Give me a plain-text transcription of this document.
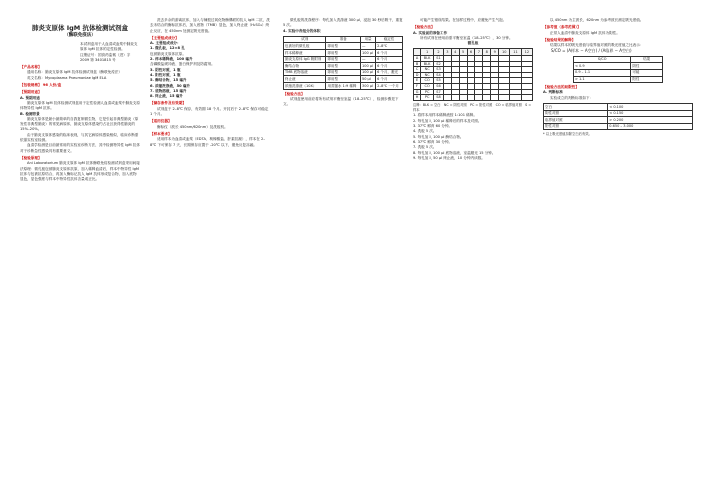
肺炎支原体 IgM 抗体检测试剂盒
（酶联免疫法）
本试剂盒用于人血清或血浆中肺炎支原体 IgM 抗体的定性检测。
注册证号：国食药监械（进）字 2009 第 3401815 号
【产品名称】

通用名称：肺炎支原体 IgM 抗体检测试剂盒（酶联免疫法）

英文名称：Mycoplasma Pneumoniae IgM ELA

【包装规格】 96 人份/盒
【预期用途】
A. 预期用途

肺炎支原体 IgM 抗体检测试剂盒用于定性检测人血清或血浆中肺炎支原体特异性 IgM 抗体。

B. 检测背景

肺炎支原体是最小最简单的自我复制微生物，它是引起非典型肺炎（原发性非典型肺炎）的常见病原体，肺炎支原体感染约占社区获得性肺炎的 15%–20%。

由于肺炎支原体感染的临床表现，与其它病原体感染相似，临床诊断需依靠实验室检测。

血清学检测是目前最常用的实验室诊断方法，其中检测特异性 IgM 抗体对于诊断急性感染具有重要意义。

【检验原理】

Ani Laboratorium 肺炎支原体 IgM 抗体酶联免疫检测试剂盒采用间接法原理：微孔板包被肺炎支原体抗原，加入稀释血清后，样本中特异性 IgM 抗体与包被抗原结合，再加入酶标记抗人 IgM 抗体形成复合物，加入底物显色，显色强度与样本中特异性抗体含量成正比。

洗去多余的游离抗体，加入与辣根过氧化物酶偶联的抗人 IgM 二抗，洗去未结合的酶标抗体后，加入底物（TMB）显色，加入终止液（H₂SO₄）终止反应，在 450nm 处测定吸光度值。

【主要组成成分】
A. 主要组成成分：
1. 微孔板，12×8 孔
包被肺炎支原体抗原。
2. 样本稀释液，100 毫升
含磷酸盐缓冲液、蛋白保护剂及防腐剂。
3. 阴性对照，1 瓶
4. 阳性对照，1 瓶
5. 酶结合物，15 毫升
6. 浓缩洗涤液，50 毫升
7. 底物溶液，15 毫升
8. 终止液，15 毫升
【储存条件及有效期】

试剂盒于 2–8℃ 保存，有效期 18 个月。开封后于 2–8℃ 保存可稳定 1 个月。

【适用仪器】

酶标仪（波长 450nm/620nm）及洗板机。

【样本要求】

适用样本为血清或血浆（EDTA、枸橼酸盐、肝素抗凝），样本在 2–8℃ 下可保存 7 天，长期保存应置于 -20℃ 以下，避免反复冻融。

微孔板的洗涤程序：每孔加入洗涤液 300 μl，浸泡 30 秒后吸干，重复 5 次。

4. 实验中各组分的体积
试剂	准备	用量	稳定性
包被好的微孔板	即用型	—	2–8℃
样本稀释液	即用型	100 μl	6 个月
肺炎支原体 IgG 吸附剂	即用型	—	6 个月
酶结合物	即用型	100 μl	6 个月
TMB 底物溶液	即用型	100 μl	6 个月，避光
终止液	即用型	50 μl	6 个月
浓缩洗涤液（10X）	用蒸馏水 1:9 稀释	300 μl	2–8℃ 一个月
【检验方法】

试剂盒使用前应将所有试剂平衡至室温（18–25℃），检测步骤见下文。

可能产生错误结果。在加样过程中，应避免产生气泡。

【检验方法】
A. 实验前的准备工作

所有试剂在使用前需平衡至室温（18–25℃），30 分钟。

微孔板
	1	2	3	4	5	6	7	8	9	10	11	12
A	BLK	S1										
B	BLK	S2										
C	NC	S3										
D	NC	S4										
E	CO	S5										
F	CO	S6										
G	PC	S7										
H	PC	S8										
注释：BLK = 空白　NC = 阴性对照　PC = 阳性对照　CO = 临界值对照　S = 样本
1. 将样本用样本稀释液按 1:101 稀释。
2. 每孔加入 100 μl 稀释后的样本及对照。
3. 37℃ 孵育 60 分钟。
4. 洗板 5 次。
5. 每孔加入 100 μl 酶结合物。
6. 37℃ 孵育 30 分钟。
7. 洗板 5 次。
8. 每孔加入 100 μl 底物溶液，室温避光 15 分钟。
9. 每孔加入 50 μl 终止液，10 分钟内读数。

以 450nm 为主波长，620nm 为参考波长测定吸光度值。

【参考值（参考范围）】

正常人血清中肺炎支原体 IgM 抗体为阴性。

【检验结果的解释】

结果以样本的吸光度值与临界值对照的吸光度值之比表示：

S/CO = (A样本 − A空白) / (A临界 − A空白)
S/CO	结果
< 0.9	阴性
0.9 – 1.1	可疑
> 1.1	阳性
【检验方法的局限性】
A. 判断标准

实验成立的判断标准如下：

空白	< 0.100
阴性对照	< 0.150
临界值对照	> 0.200
阳性对照	0.650 – 3.000
* 以上吸光度值扣除空白后有效。
